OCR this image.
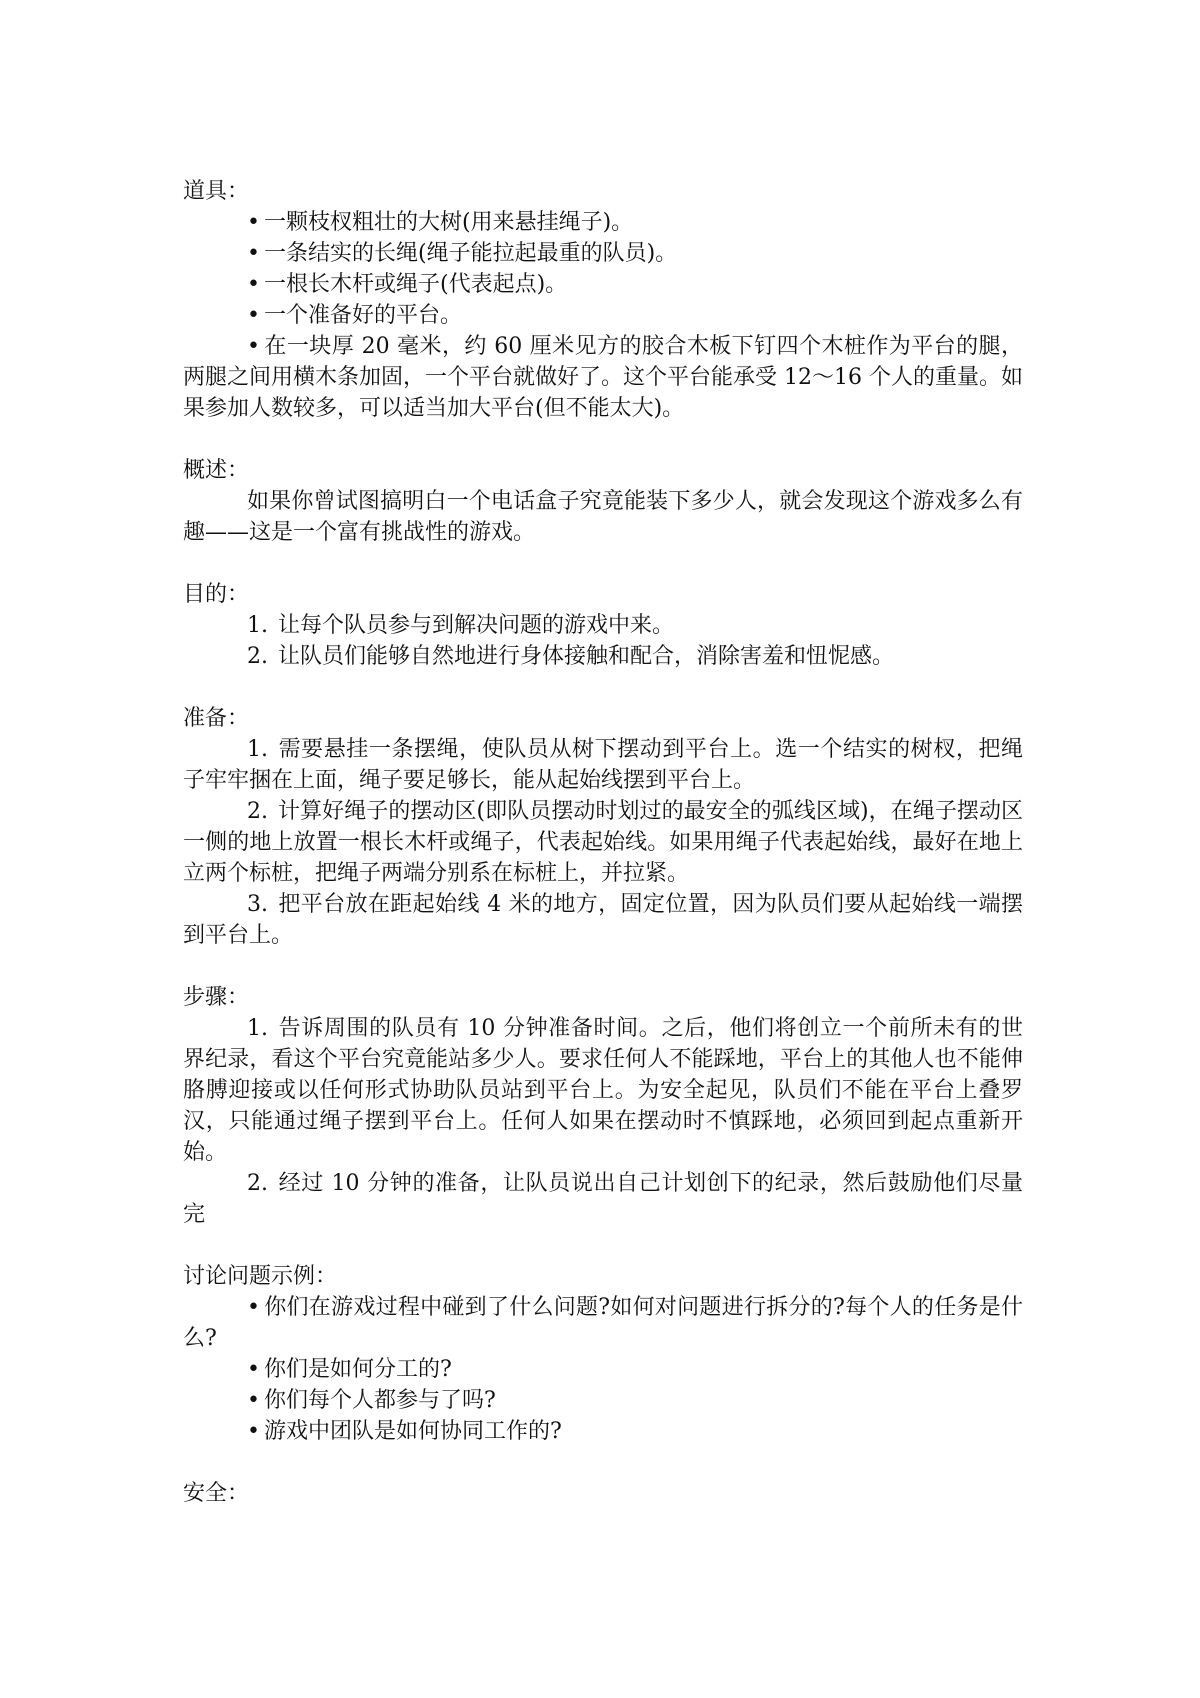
道具：

• 一颗枝杈粗壮的大树(用来悬挂绳子)。

• 一条结实的长绳(绳子能拉起最重的队员)。

• 一根长木杆或绳子(代表起点)。

• 一个准备好的平台。

• 在一块厚 20 毫米，约 60 厘米见方的胶合木板下钉四个木桩作为平台的腿，两腿之间用横木条加固，一个平台就做好了。这个平台能承受 12～16 个人的重量。如果参加人数较多，可以适当加大平台(但不能太大)。

概述：

如果你曾试图搞明白一个电话盒子究竟能装下多少人，就会发现这个游戏多么有趣——这是一个富有挑战性的游戏。

目的：

1. 让每个队员参与到解决问题的游戏中来。

2. 让队员们能够自然地进行身体接触和配合，消除害羞和忸怩感。

准备：

1. 需要悬挂一条摆绳，使队员从树下摆动到平台上。选一个结实的树杈，把绳子牢牢捆在上面，绳子要足够长，能从起始线摆到平台上。

2. 计算好绳子的摆动区(即队员摆动时划过的最安全的弧线区域)，在绳子摆动区一侧的地上放置一根长木杆或绳子，代表起始线。如果用绳子代表起始线，最好在地上立两个标桩，把绳子两端分别系在标桩上，并拉紧。

3. 把平台放在距起始线 4 米的地方，固定位置，因为队员们要从起始线一端摆到平台上。

步骤：

1. 告诉周围的队员有 10 分钟准备时间。之后，他们将创立一个前所未有的世界纪录，看这个平台究竟能站多少人。要求任何人不能踩地，平台上的其他人也不能伸胳膊迎接或以任何形式协助队员站到平台上。为安全起见，队员们不能在平台上叠罗汉，只能通过绳子摆到平台上。任何人如果在摆动时不慎踩地，必须回到起点重新开始。

2. 经过 10 分钟的准备，让队员说出自己计划创下的纪录，然后鼓励他们尽量完

讨论问题示例：

• 你们在游戏过程中碰到了什么问题?如何对问题进行拆分的?每个人的任务是什么?

• 你们是如何分工的?

• 你们每个人都参与了吗?

• 游戏中团队是如何协同工作的?

安全：
